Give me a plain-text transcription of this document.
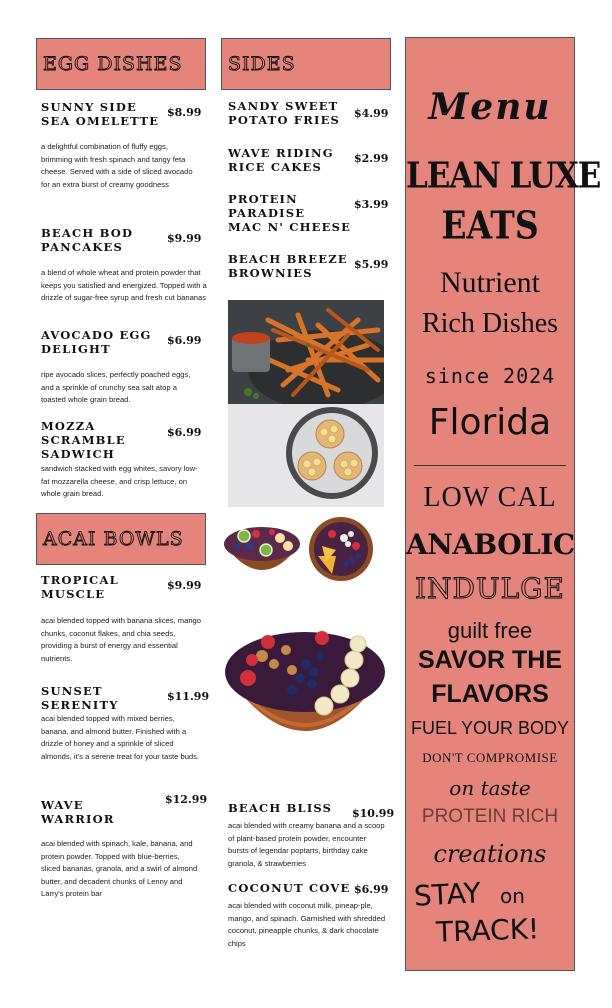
EGG DISHES SIDES
ACAI BOWLS
SUNNY SIDE
SEA OMELETTE
$8.99
a delightful combination of fluffy eggs, brimming with fresh spinach and tangy feta cheese. Served with a side of sliced avocado for an extra burst of creamy goodness
BEACH BOD
PANCAKES
$9.99
a blend of whole wheat and protein powder that keeps you satisfied and energized. Topped with a drizzle of sugar-free syrup and fresh cut bananas
AVOCADO EGG
DELIGHT
$6.99
ripe avocado slices, perfectly poached eggs, and a sprinkle of crunchy sea salt atop a toasted whole grain bread.
MOZZA
SCRAMBLE
SADWICH
$6.99
sandwich stacked with egg whites, savory low-fat mozzarella cheese, and crisp lettuce, on whole grain bread.
SANDY SWEET
POTATO FRIES $4.99
WAVE RIDING
RICE CAKES
$2.99
PROTEIN
PARADISE
MAC N' CHEESE
$3.99
BEACH BREEZE
BROWNIES
$5.99
TROPICAL
MUSCLE
$9.99
acai blended topped with banana slices, mango chunks, coconut flakes, and chia seeds, providing a burst of energy and essential nutrients.
SUNSET
SERENITY
$11.99
acai blended topped with mixed berries, banana, and almond butter. Finished with a drizzle of honey and a sprinkle of sliced almonds, it's a serene treat for your taste buds.
WAVE
WARRIOR
$12.99
acai blended with spinach, kale, banana, and protein powder. Topped with blue-berries, sliced bananas, granola, and a swirl of almond butter, and decadent chunks of Lenny and Larry's protein bar
BEACH BLISS $10.99
acai blended with creamy banana and a scoop of plant-based protein powder, encounter bursts of legendar poptarts, birthday cake granola, & strawberries
COCONUT COVE $6.99
acai blended with coconut milk, pineap-ple, mango, and spinach. Garnished with shredded coconut, pineapple chunks, & dark chocolate chips
Menu
LEAN LUXE
EATS
Nutrient
Rich Dishes
since 2024
Florida
LOW CAL
ANABOLIC
INDULGE
guilt free
SAVOR THE
FLAVORS
FUEL YOUR BODY
DON'T COMPROMISE
on taste
PROTEIN RICH
creations
STAY on
TRACK!
